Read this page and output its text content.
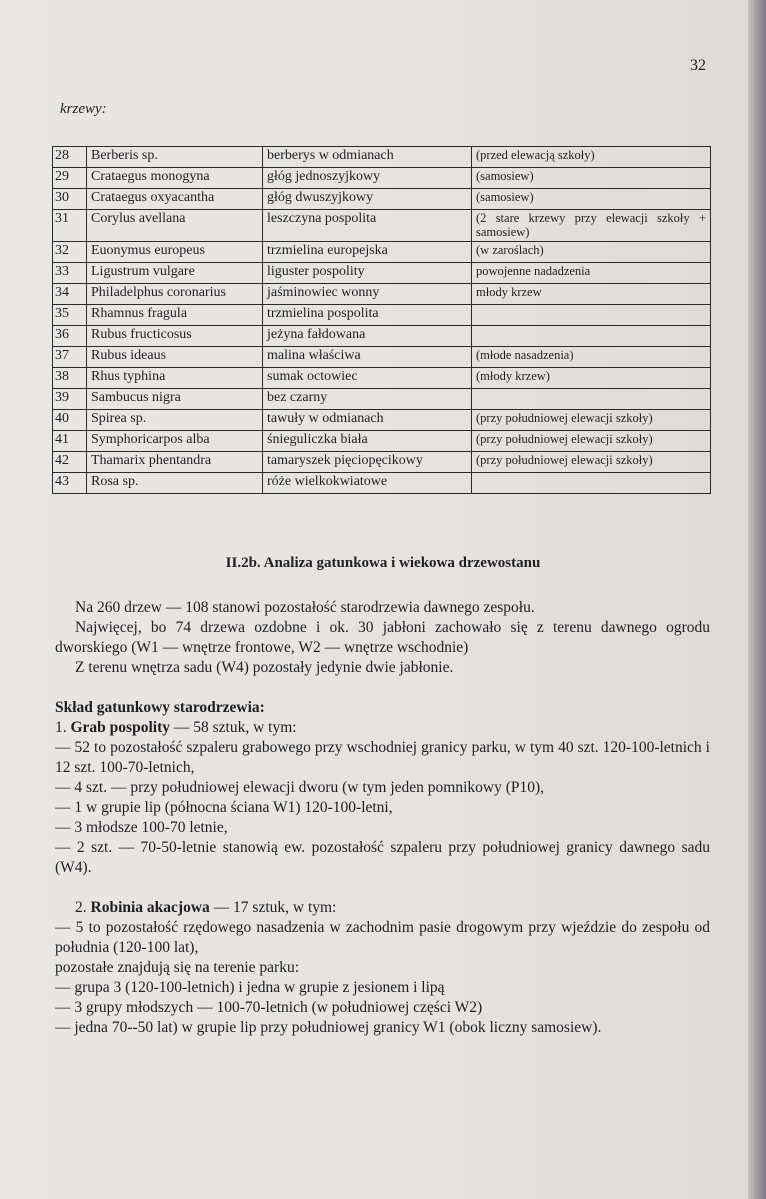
32
krzewy:
28	Berberis sp.	berberys w odmianach	(przed elewacją szkoły)
29	Crataegus monogyna	głóg jednoszyjkowy	(samosiew)
30	Crataegus oxyacantha	głóg dwuszyjkowy	(samosiew)
31	Corylus avellana	leszczyna pospolita	(2 stare krzewy przy elewacji szkoły + samosiew)
32	Euonymus europeus	trzmielina europejska	(w zaroślach)
33	Ligustrum vulgare	liguster pospolity	powojenne nadadzenia
34	Philadelphus coronarius	jaśminowiec wonny	młody krzew
35	Rhamnus fragula	trzmielina pospolita	
36	Rubus fructicosus	jeżyna fałdowana	
37	Rubus ideaus	malina właściwa	(młode nasadzenia)
38	Rhus typhina	sumak octowiec	(młody krzew)
39	Sambucus nigra	bez czarny	
40	Spirea sp.	tawuły w odmianach	(przy południowej elewacji szkoły)
41	Symphoricarpos alba	śnieguliczka biała	(przy południowej elewacji szkoły)
42	Thamarix phentandra	tamaryszek pięciopęcikowy	(przy południowej elewacji szkoły)
43	Rosa sp.	róże wielkokwiatowe	
II.2b. Analiza gatunkowa i wiekowa drzewostanu

Na 260 drzew — 108 stanowi pozostałość starodrzewia dawnego zespołu.

Najwięcej, bo 74 drzewa ozdobne i ok. 30 jabłoni zachowało się z terenu dawnego ogrodu dworskiego (W1 — wnętrze frontowe, W2 — wnętrze wschodnie)

Z terenu wnętrza sadu (W4) pozostały jedynie dwie jabłonie.

Skład gatunkowy starodrzewia:

1. Grab pospolity — 58 sztuk, w tym:

— 52 to pozostałość szpaleru grabowego przy wschodniej granicy parku, w tym 40 szt. 120-100-letnich i 12 szt. 100-70-letnich,

— 4 szt. — przy południowej elewacji dworu (w tym jeden pomnikowy (P10),

— 1 w grupie lip (północna ściana W1) 120-100-letni,

— 3 młodsze 100-70 letnie,

— 2 szt. — 70-50-letnie stanowią ew. pozostałość szpaleru przy południowej granicy dawnego sadu (W4).

2. Robinia akacjowa — 17 sztuk, w tym:

— 5 to pozostałość rzędowego nasadzenia w zachodnim pasie drogowym przy wjeździe do zespołu od południa (120-100 lat),

pozostałe znajdują się na terenie parku:

— grupa 3 (120-100-letnich) i jedna w grupie z jesionem i lipą

— 3 grupy młodszych — 100-70-letnich (w południowej części W2)

— jedna 70--50 lat) w grupie lip przy południowej granicy W1 (obok liczny samosiew).
